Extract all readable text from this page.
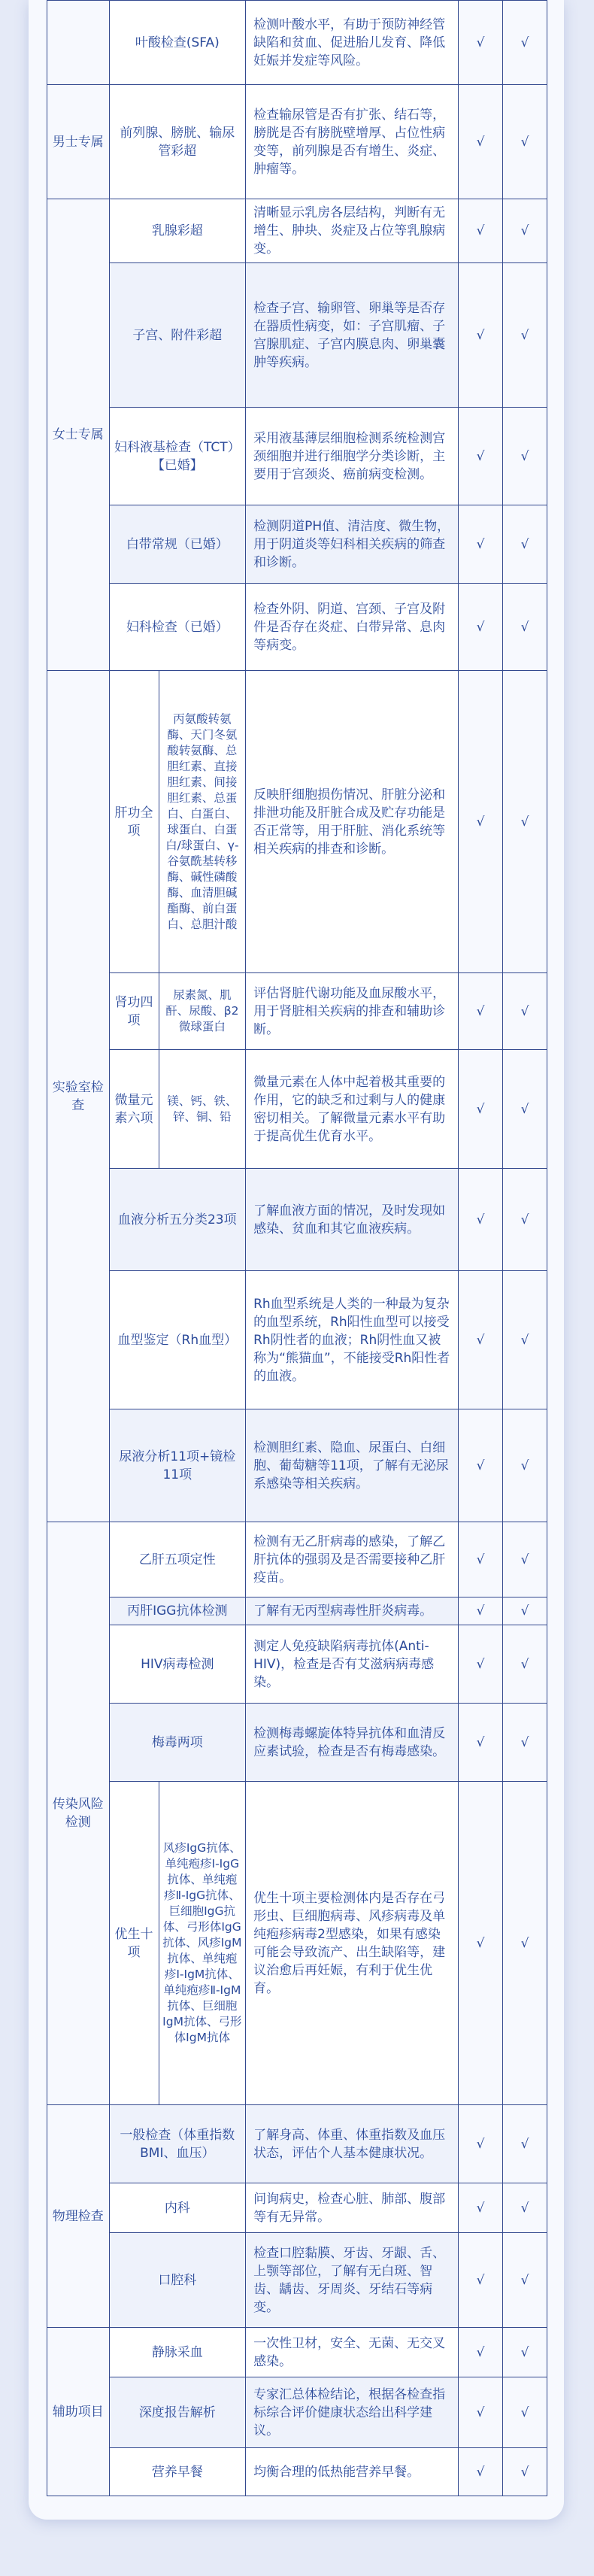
	叶酸检查(SFA)		检测叶酸水平，有助于预防神经管缺陷和贫血、促进胎儿发育、降低妊娠并发症等风险。	√	√
男士专属	前列腺、膀胱、输尿管彩超		检查输尿管是否有扩张、结石等，膀胱是否有膀胱壁增厚、占位性病变等，前列腺是否有增生、炎症、肿瘤等。	√	√
女士专属	乳腺彩超		清晰显示乳房各层结构，判断有无增生、肿块、炎症及占位等乳腺病变。	√	√
	子宫、附件彩超		检查子宫、输卵管、卵巢等是否存在器质性病变，如：子宫肌瘤、子宫腺肌症、子宫内膜息肉、卵巢囊肿等疾病。	√	√
	妇科液基检查（TCT）【已婚】		采用液基薄层细胞检测系统检测宫颈细胞并进行细胞学分类诊断，主要用于宫颈炎、癌前病变检测。	√	√
	白带常规（已婚）		检测阴道PH值、清洁度、微生物，用于阴道炎等妇科相关疾病的筛查和诊断。	√	√
	妇科检查（已婚）		检查外阴、阴道、宫颈、子宫及附件是否存在炎症、白带异常、息肉等病变。	√	√
实验室检查	肝功全项	丙氨酸转氨酶、天门冬氨酸转氨酶、总胆红素、直接胆红素、间接胆红素、总蛋白、白蛋白、球蛋白、白蛋白/球蛋白、γ-谷氨酰基转移酶、碱性磷酸酶、血清胆碱酯酶、前白蛋白、总胆汁酸	反映肝细胞损伤情况、肝脏分泌和排泄功能及肝脏合成及贮存功能是否正常等，用于肝脏、消化系统等相关疾病的排查和诊断。	√	√
	肾功四项	尿素氮、肌酐、尿酸、β2微球蛋白	评估肾脏代谢功能及血尿酸水平，用于肾脏相关疾病的排查和辅助诊断。	√	√
	微量元素六项	镁、钙、铁、锌、铜、铅	微量元素在人体中起着极其重要的作用，它的缺乏和过剩与人的健康密切相关。了解微量元素水平有助于提高优生优育水平。	√	√
	血液分析五分类23项		了解血液方面的情况，及时发现如感染、贫血和其它血液疾病。	√	√
	血型鉴定（Rh血型）		Rh血型系统是人类的一种最为复杂的血型系统，Rh阳性血型可以接受Rh阴性者的血液；Rh阴性血又被称为“熊猫血”，不能接受Rh阳性者的血液。	√	√
	尿液分析11项+镜检11项		检测胆红素、隐血、尿蛋白、白细胞、葡萄糖等11项，了解有无泌尿系感染等相关疾病。	√	√
传染风险检测	乙肝五项定性		检测有无乙肝病毒的感染，了解乙肝抗体的强弱及是否需要接种乙肝疫苗。	√	√
	丙肝IGG抗体检测		了解有无丙型病毒性肝炎病毒。	√	√
	HIV病毒检测		测定人免疫缺陷病毒抗体(Anti-HIV)，检查是否有艾滋病病毒感染。	√	√
	梅毒两项		检测梅毒螺旋体特异抗体和血清反应素试验，检查是否有梅毒感染。	√	√
	优生十项	风疹IgG抗体、单纯疱疹Ⅰ-IgG抗体、单纯疱疹Ⅱ-IgG抗体、巨细胞IgG抗体、弓形体IgG抗体、风疹IgM抗体、单纯疱疹Ⅰ-IgM抗体、单纯疱疹Ⅱ-IgM抗体、巨细胞IgM抗体、弓形体IgM抗体	优生十项主要检测体内是否存在弓形虫、巨细胞病毒、风疹病毒及单纯疱疹病毒2型感染，如果有感染可能会导致流产、出生缺陷等，建议治愈后再妊娠，有利于优生优育。	√	√
物理检查	一般检查（体重指数BMI、血压）		了解身高、体重、体重指数及血压状态，评估个人基本健康状况。	√	√
	内科		问询病史，检查心脏、肺部、腹部等有无异常。	√	√
	口腔科		检查口腔黏膜、牙齿、牙龈、舌、上颚等部位，了解有无白斑、智齿、龋齿、牙周炎、牙结石等病变。	√	√
辅助项目	静脉采血		一次性卫材，安全、无菌、无交叉感染。	√	√
	深度报告解析		专家汇总体检结论，根据各检查指标综合评价健康状态给出科学建议。	√	√
	营养早餐		均衡合理的低热能营养早餐。	√	√
